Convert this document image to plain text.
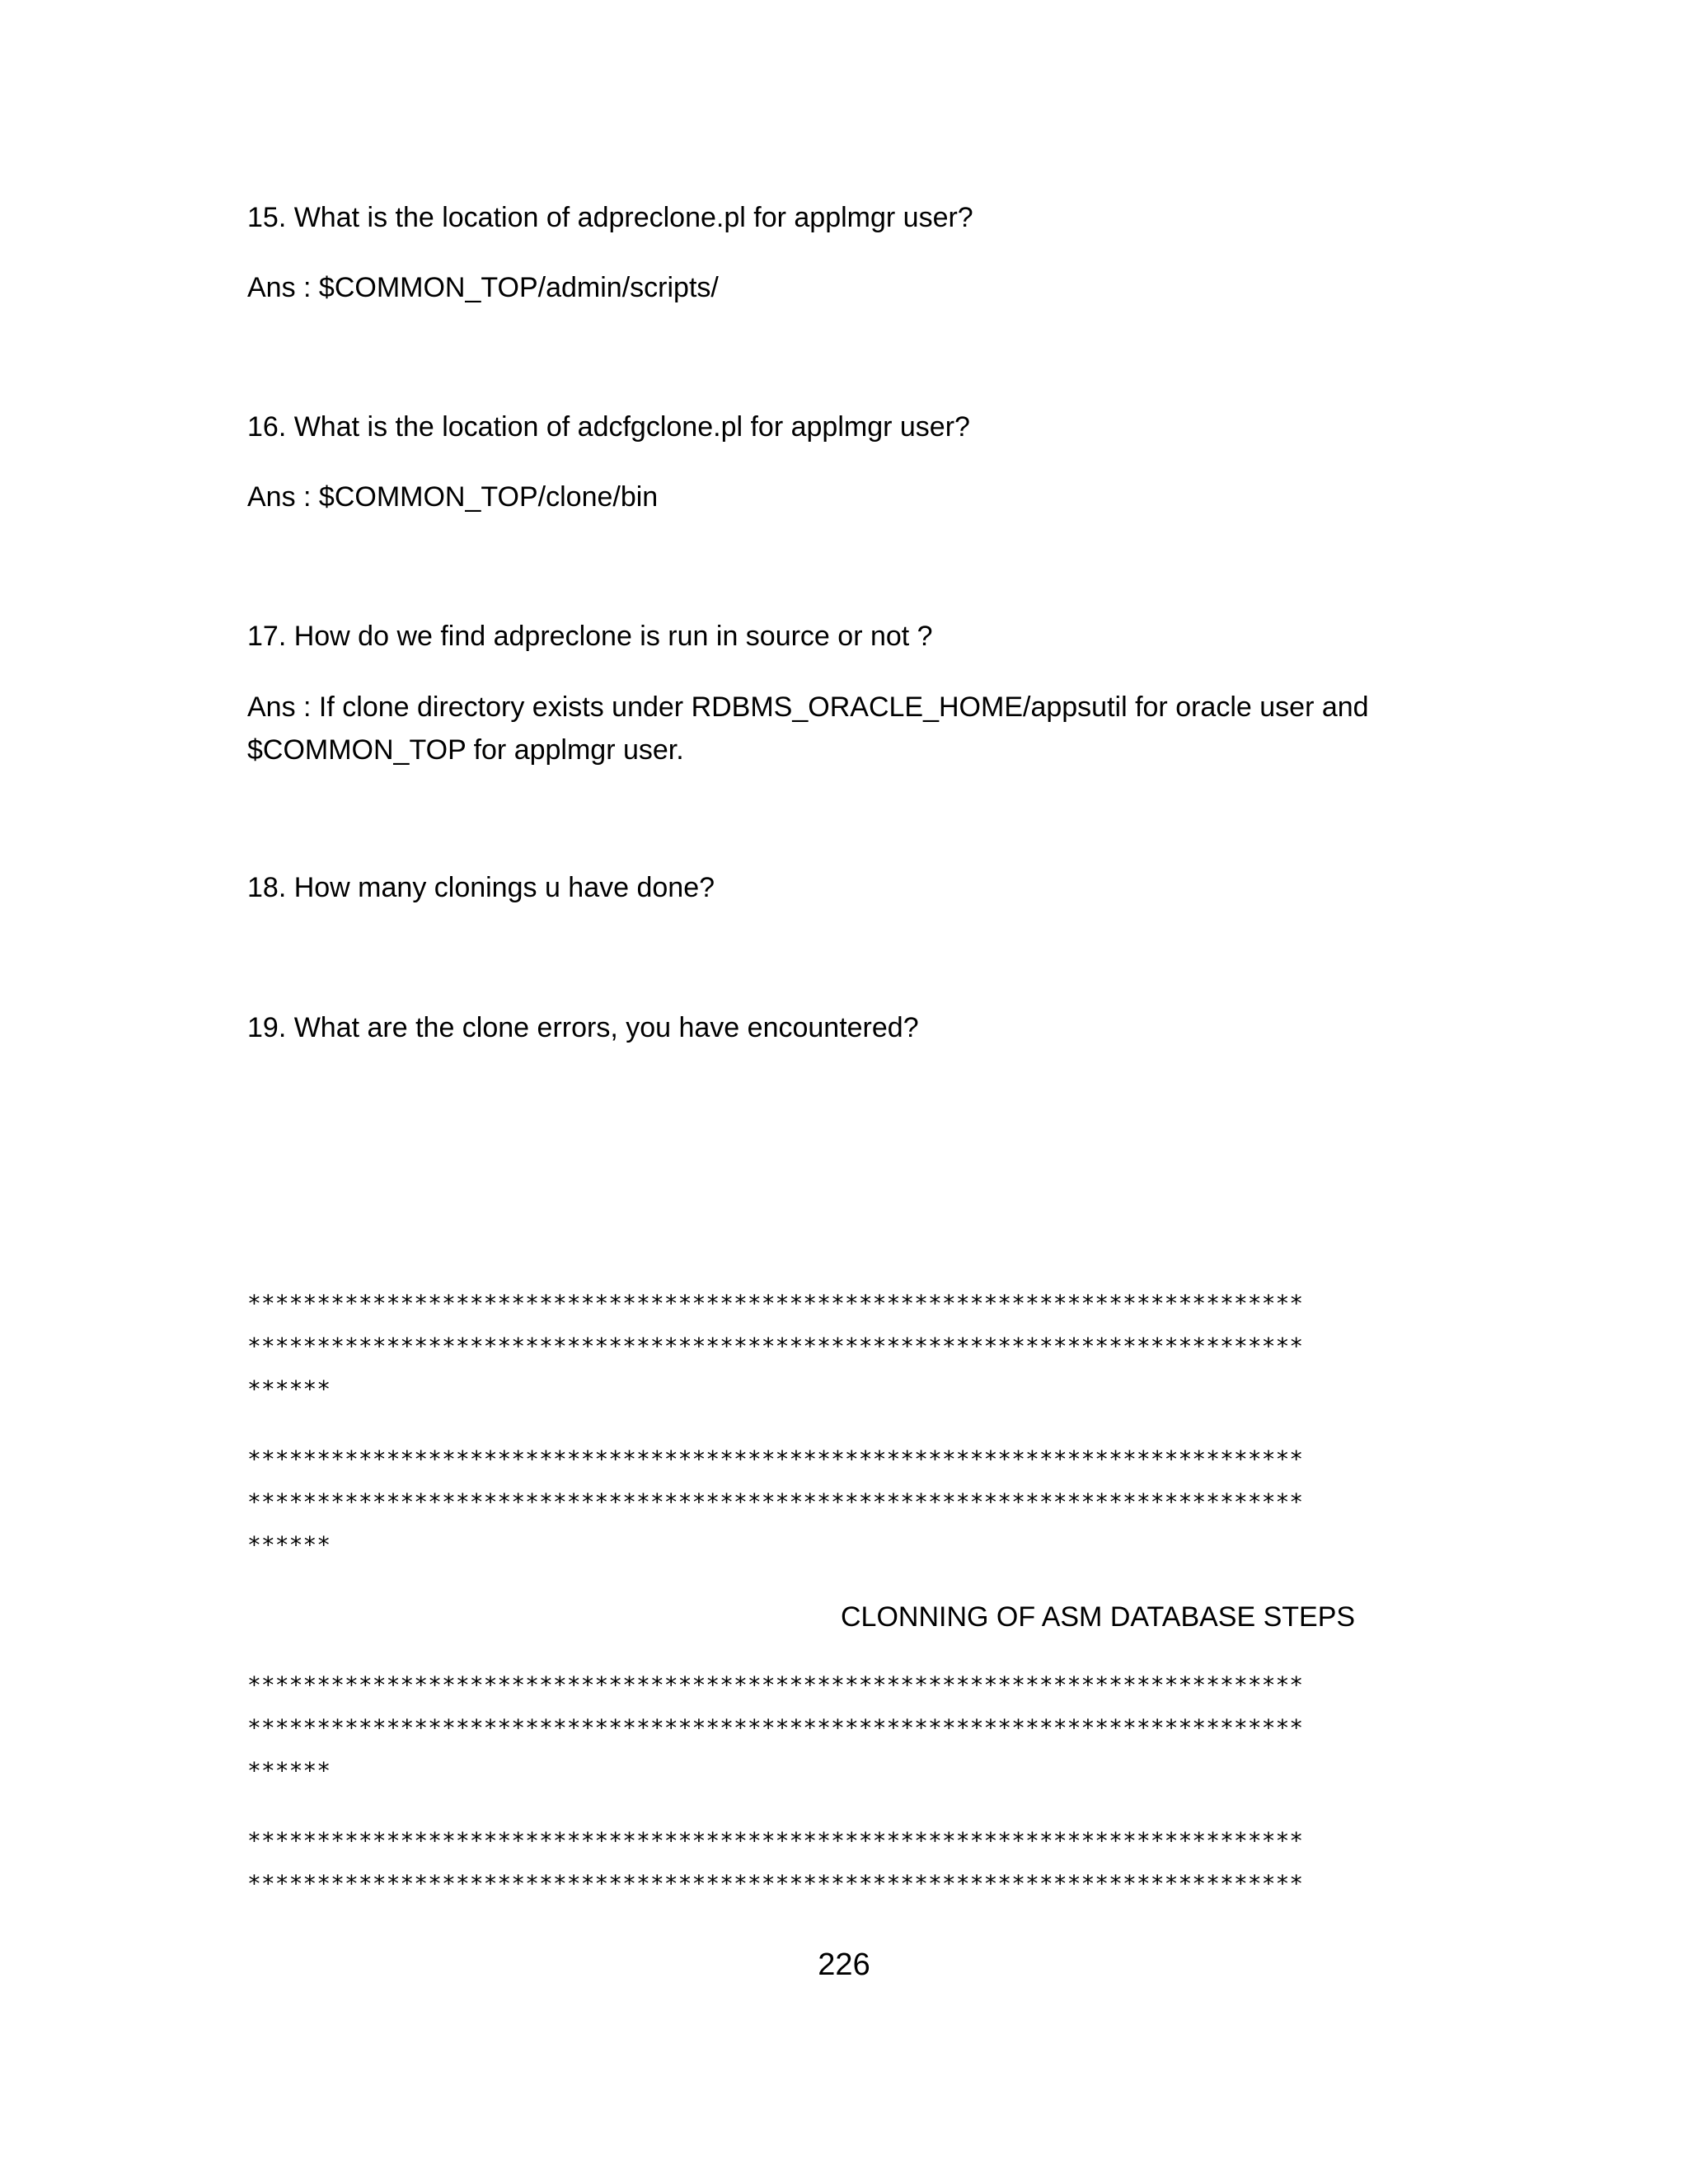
15. What is the location of adpreclone.pl for applmgr user?
Ans : $COMMON_TOP/admin/scripts/
16. What is the location of adcfgclone.pl for applmgr user?
Ans : $COMMON_TOP/clone/bin
17. How do we find adpreclone is run in source or not ?
Ans : If clone directory exists under RDBMS_ORACLE_HOME/appsutil for oracle user and
$COMMON_TOP for applmgr user.
18. How many clonings u have done?
19. What are the clone errors, you have encountered?
****************************************************************************
****************************************************************************
******
****************************************************************************
****************************************************************************
******
CLONNING OF ASM DATABASE STEPS
****************************************************************************
****************************************************************************
******
****************************************************************************
****************************************************************************
226
